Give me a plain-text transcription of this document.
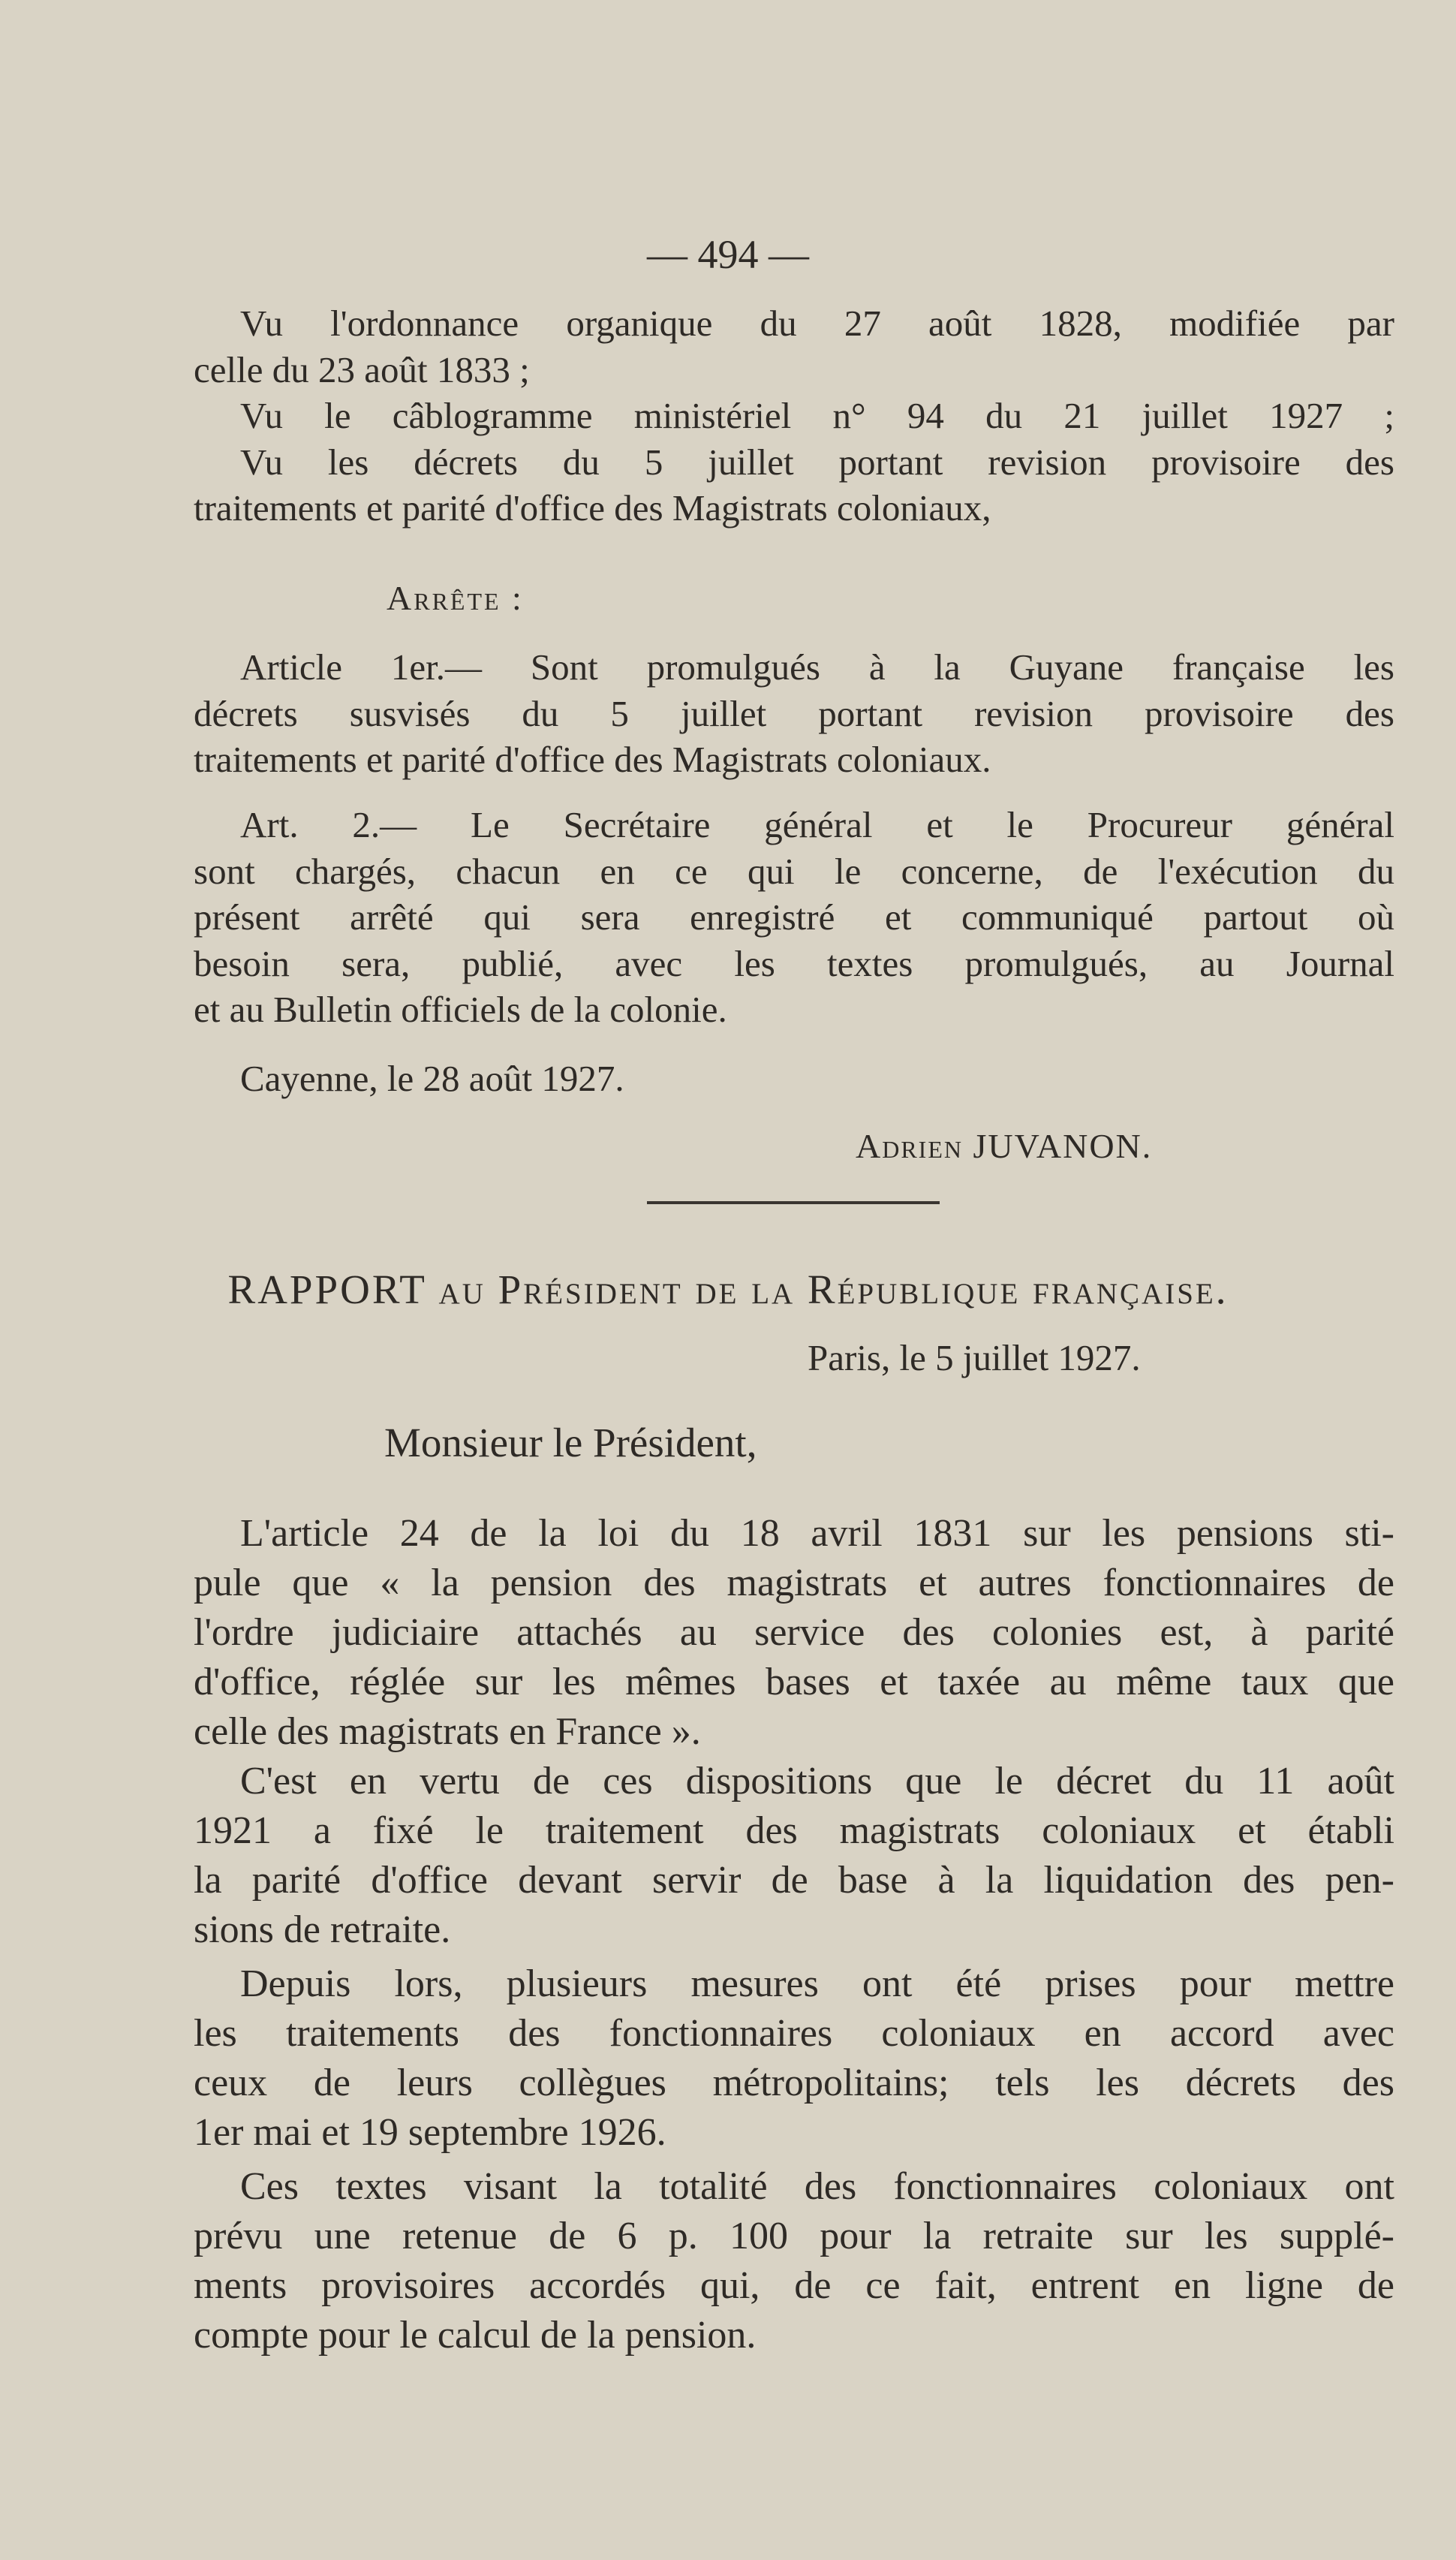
— 494 —
Vu l'ordonnance organique du 27 août 1828, modifiée par
celle du 23 août 1833 ;
Vu le câblogramme ministériel n° 94 du 21 juillet 1927 ;
Vu les décrets du 5 juillet portant revision provisoire des
traitements et parité d'office des Magistrats coloniaux,
Arrête :
Article 1er.— Sont promulgués à la Guyane française les
décrets susvisés du 5 juillet portant revision provisoire des
traitements et parité d'office des Magistrats coloniaux.
Art. 2.— Le Secrétaire général et le Procureur général
sont chargés, chacun en ce qui le concerne, de l'exécution du
présent arrêté qui sera enregistré et communiqué partout où
besoin sera, publié, avec les textes promulgués, au Journal
et au Bulletin officiels de la colonie.
Cayenne, le 28 août 1927.
Adrien JUVANON.
RAPPORT au Président de la République française.
Paris, le 5 juillet 1927.
Monsieur le Président,
L'article 24 de la loi du 18 avril 1831 sur les pensions sti-
pule que « la pension des magistrats et autres fonctionnaires de
l'ordre judiciaire attachés au service des colonies est, à parité
d'office, réglée sur les mêmes bases et taxée au même taux que
celle des magistrats en France ».
C'est en vertu de ces dispositions que le décret du 11 août
1921 a fixé le traitement des magistrats coloniaux et établi
la parité d'office devant servir de base à la liquidation des pen-
sions de retraite.
Depuis lors, plusieurs mesures ont été prises pour mettre
les traitements des fonctionnaires coloniaux en accord avec
ceux de leurs collègues métropolitains; tels les décrets des
1er mai et 19 septembre 1926.
Ces textes visant la totalité des fonctionnaires coloniaux ont
prévu une retenue de 6 p. 100 pour la retraite sur les supplé-
ments provisoires accordés qui, de ce fait, entrent en ligne de
compte pour le calcul de la pension.
